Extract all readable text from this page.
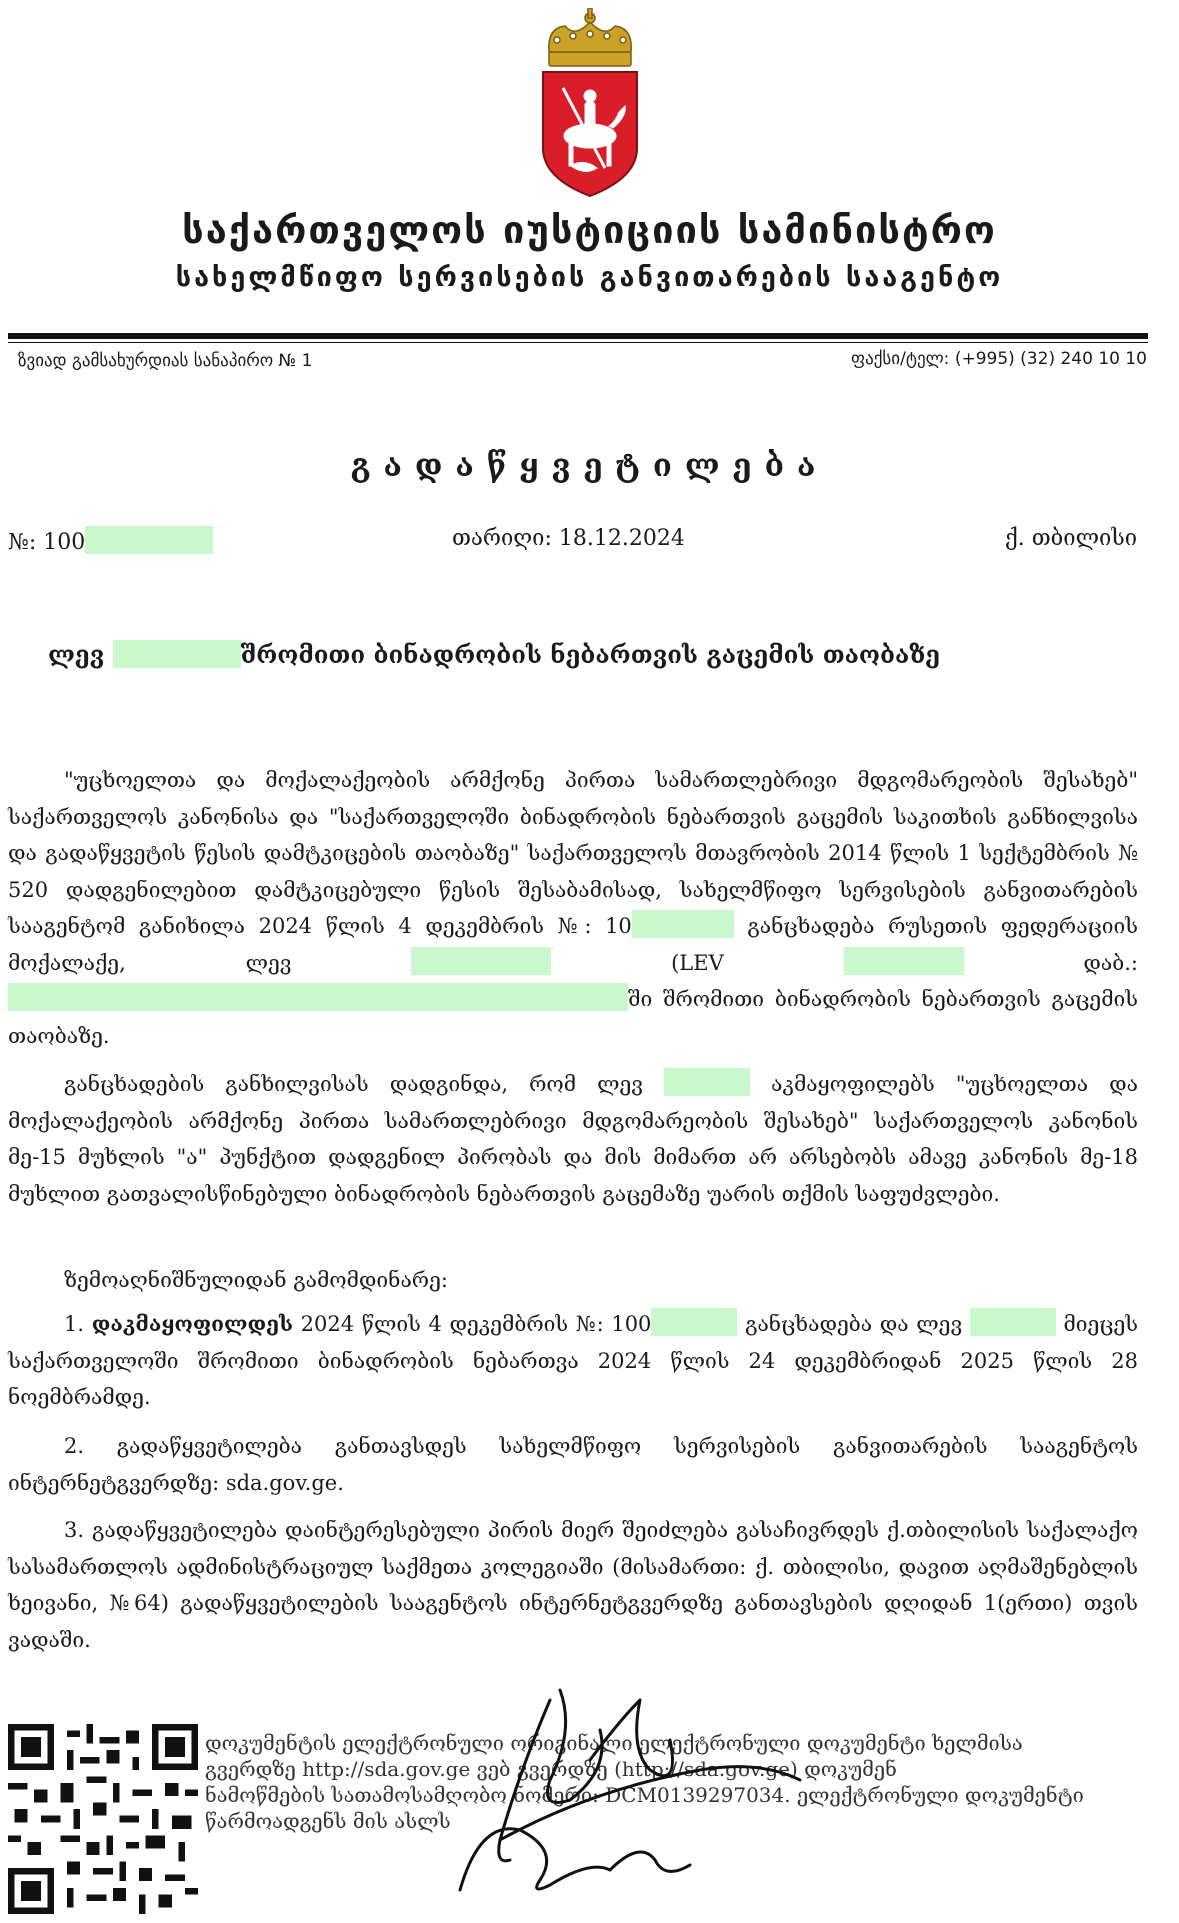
საქართველოს იუსტიციის სამინისტრო
სახელმწიფო სერვისების განვითარების სააგენტო
ზვიად გამსახურდიას სანაპირო № 1	ფაქსი/ტელ: (+995) (32) 240 10 10
გადაწყვეტილება
№: 100	თარიღი: 18.12.2024	ქ. თბილისი
ლევ	შრომითი ბინადრობის ნებართვის გაცემის თაობაზე

"უცხოელთა და მოქალაქეობის არმქონე პირთა სამართლებრივი მდგომარეობის შესახებ" საქართველოს კანონისა და "საქართველოში ბინადრობის ნებართვის გაცემის საკითხის განხილვისა და გადაწყვეტის წესის დამტკიცების თაობაზე" საქართველოს მთავრობის 2014 წლის 1 სექტემბრის № 520 დადგენილებით დამტკიცებული წესის შესაბამისად, სახელმწიფო სერვისების განვითარების სააგენტომ განიხილა 2024 წლის 4 დეკემბრის №: 10	განცხადება რუსეთის ფედერაციის მოქალაქე, ლევ	(LEV	დაბ.: ში შრომითი ბინადრობის ნებართვის გაცემის თაობაზე.

განცხადების განხილვისას დადგინდა, რომ ლევ	აკმაყოფილებს "უცხოელთა და მოქალაქეობის არმქონე პირთა სამართლებრივი მდგომარეობის შესახებ" საქართველოს კანონის მე-15 მუხლის "ა" პუნქტით დადგენილ პირობას და მის მიმართ არ არსებობს ამავე კანონის მე-18 მუხლით გათვალისწინებული ბინადრობის ნებართვის გაცემაზე უარის თქმის საფუძვლები.

ზემოაღნიშნულიდან გამომდინარე:

1. დაკმაყოფილდეს 2024 წლის 4 დეკემბრის №: 100	განცხადება და ლევ	მიეცეს საქართველოში შრომითი ბინადრობის ნებართვა 2024 წლის 24 დეკემბრიდან 2025 წლის 28 ნოემბრამდე.

2. გადაწყვეტილება განთავსდეს სახელმწიფო სერვისების განვითარების სააგენტოს ინტერნეტგვერდზე: sda.gov.ge.

3. გადაწყვეტილება დაინტერესებული პირის მიერ შეიძლება გასაჩივრდეს ქ.თბილისის საქალაქო სასამართლოს ადმინისტრაციულ საქმეთა კოლეგიაში (მისამართი: ქ. თბილისი, დავით აღმაშენებლის ხეივანი, №64) გადაწყვეტილების სააგენტოს ინტერნეტგვერდზე განთავსების დღიდან 1(ერთი) თვის ვადაში.

დოკუმენტის ელექტრონული ორიგინალი ელექტრონული დოკუმენტი ხელმისა
გვერდზე http://sda.gov.ge ვებ გვერდზე (http://sda.gov.ge) დოკუმენ
ნამოწმების სათამოსამღობო ნომერი: DCM0139297034. ელექტრონული დოკუმენტი
წარმოადგენს მის ასლს
